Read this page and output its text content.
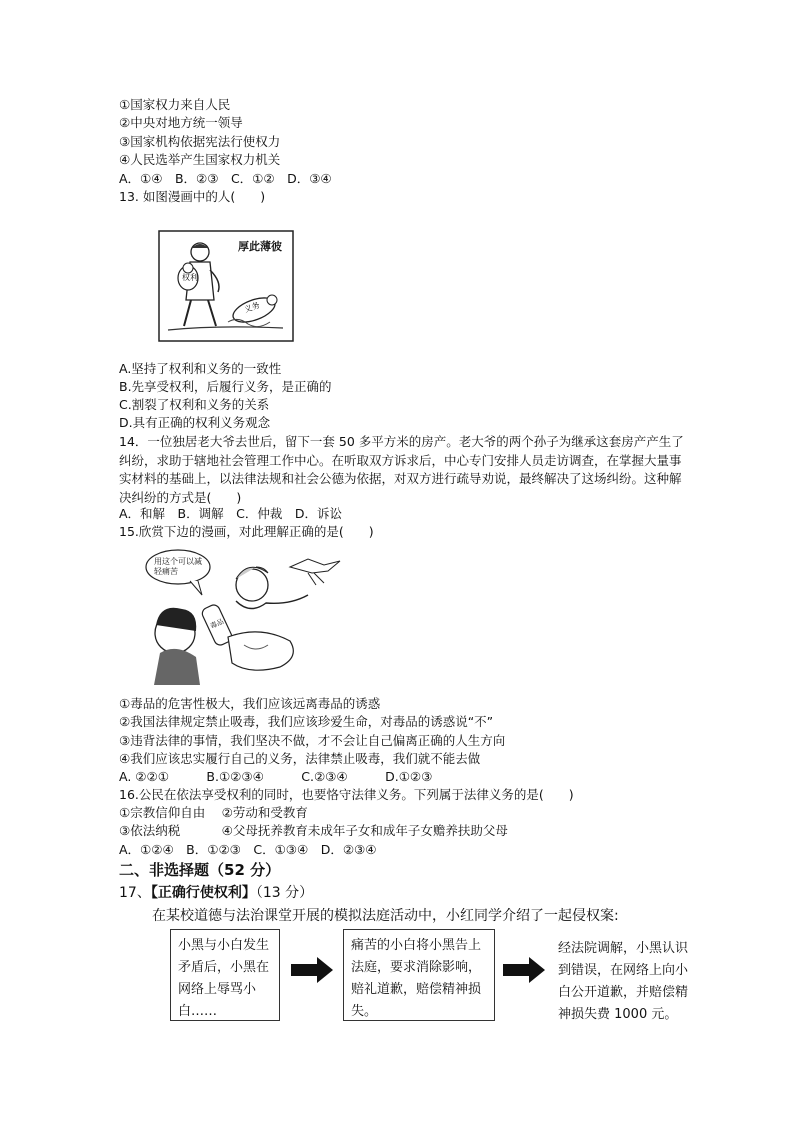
①国家权力来自人民
②中央对地方统一领导
③国家机构依据宪法行使权力
④人民选举产生国家权力机关
A．①④　B．②③　C．①②　D．③④
13. 如图漫画中的人(　　)
厚此薄彼
权利
义务
A.坚持了权利和义务的一致性
B.先享受权利，后履行义务，是正确的
C.割裂了权利和义务的关系
D.具有正确的权利义务观念
14．一位独居老大爷去世后，留下一套 50 多平方米的房产。老大爷的两个孙子为继承这套房产产生了纠纷，求助于辖地社会管理工作中心。在听取双方诉求后，中心专门安排人员走访调查，在掌握大量事实材料的基础上，以法律法规和社会公德为依据，对双方进行疏导劝说，最终解决了这场纠纷。这种解决纠纷的方式是(　　)
A．和解　B．调解　C．仲裁　D．诉讼
15.欣赏下边的漫画，对此理解正确的是(　　)
用这个可以减轻痛苦
毒品
①毒品的危害性极大，我们应该远离毒品的诱惑
②我国法律规定禁止吸毒，我们应该珍爱生命，对毒品的诱惑说“不”
③违背法律的事情，我们坚决不做，才不会让自己偏离正确的人生方向
④我们应该忠实履行自己的义务，法律禁止吸毒，我们就不能去做
A. ②②①　　　B.①②③④　　　C.②③④　　　D.①②③
16.公民在依法享受权利的同时，也要恪守法律义务。下列属于法律义务的是(　　)
①宗教信仰自由　 ②劳动和受教育
③依法纳税　　　 ④父母抚养教育未成年子女和成年子女赡养扶助父母
A．①②④　B．①②③　C．①③④　D．②③④
二、非选择题（52 分）
17、【正确行使权利】（13 分）
在某校道德与法治课堂开展的模拟法庭活动中，小红同学介绍了一起侵权案:
小黑与小白发生矛盾后，小黑在网络上辱骂小白……
痛苦的小白将小黑告上法庭，要求消除影响，赔礼道歉，赔偿精神损失。
经法院调解，小黑认识到错误，在网络上向小白公开道歉，并赔偿精神损失费 1000 元。
